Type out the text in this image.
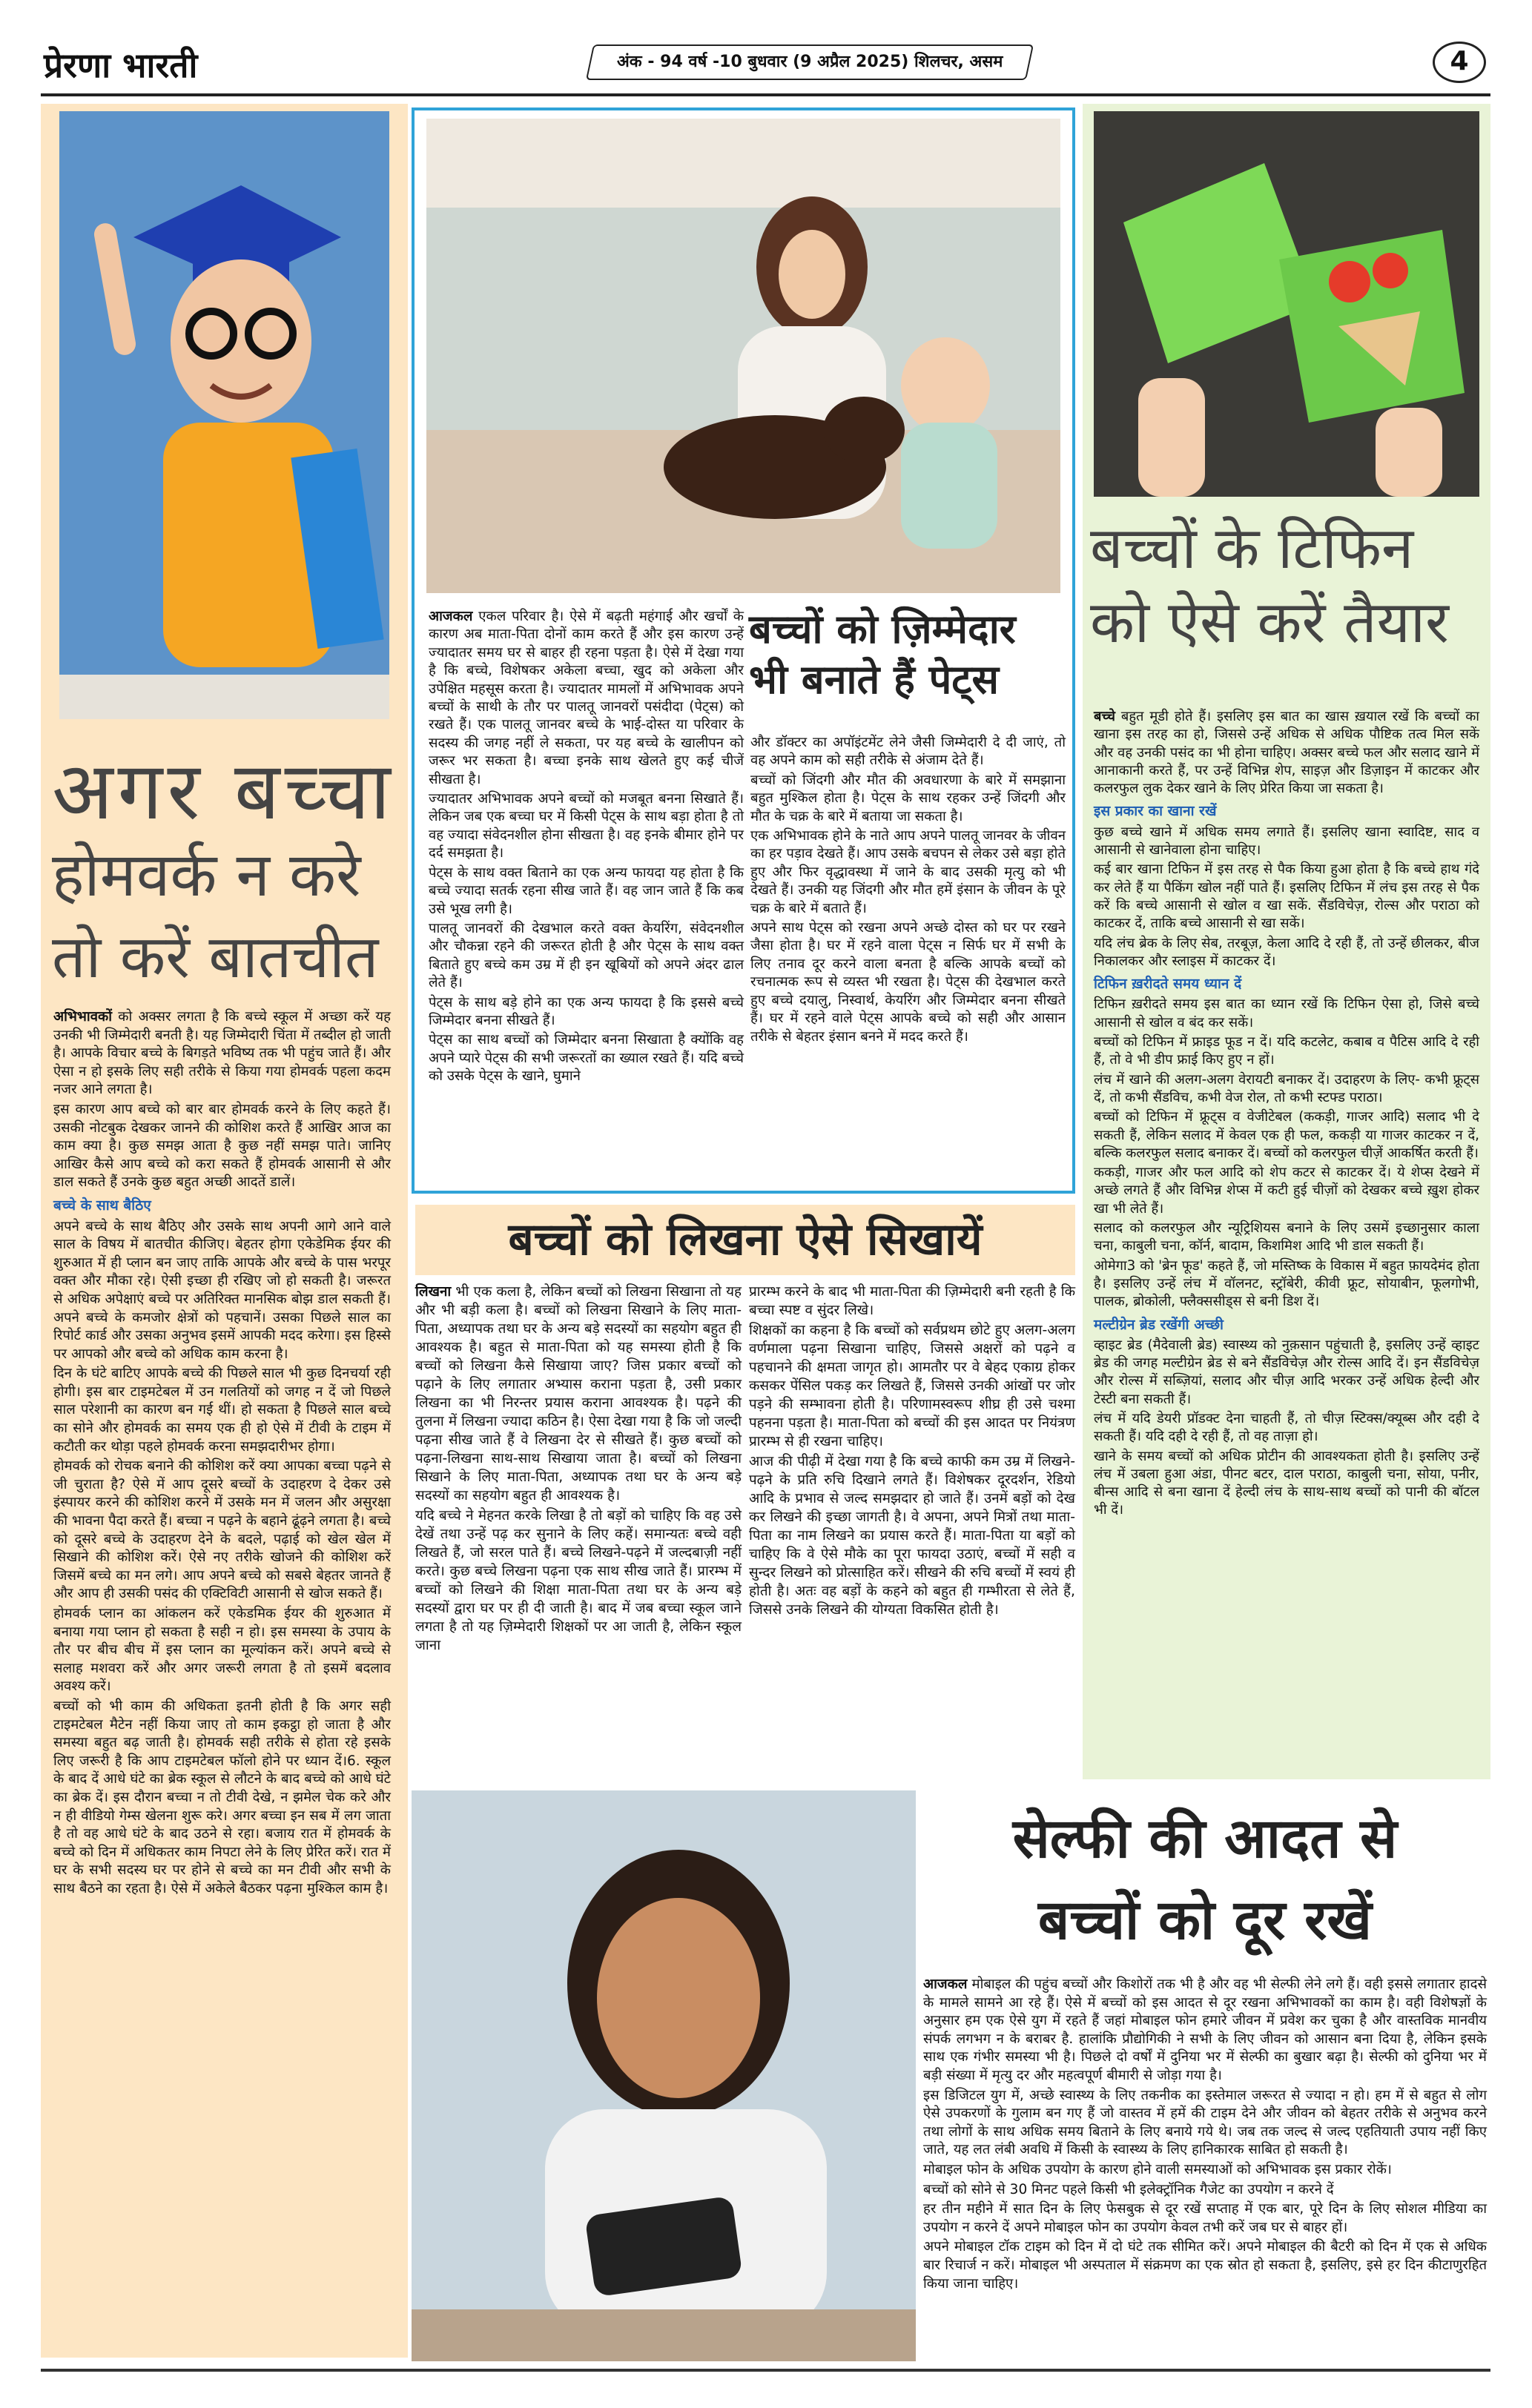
प्रेरणा भारती	अंक - 94 वर्ष -10 बुधवार (9 अप्रैल 2025) शिलचर, असम	4
अगर बच्चा
होमवर्क न करे
तो करें बातचीत

अभिभावकों को अक्सर लगता है कि बच्चे स्कूल में अच्छा करें यह उनकी भी जिम्मेदारी बनती है। यह जिम्मेदारी चिंता में तब्दील हो जाती है। आपके विचार बच्चे के बिगड़ते भविष्य तक भी पहुंच जाते हैं। और ऐसा न हो इसके लिए सही तरीके से किया गया होमवर्क पहला कदम नजर आने लगता है।

इस कारण आप बच्चे को बार बार होमवर्क करने के लिए कहते हैं। उसकी नोटबुक देखकर जानने की कोशिश करते हैं आखिर आज का काम क्या है। कुछ समझ आता है कुछ नहीं समझ पाते। जानिए आखिर कैसे आप बच्चे को करा सकते हैं होमवर्क आसानी से और डाल सकते हैं उनके कुछ बहुत अच्छी आदतें डालें।

बच्चे के साथ बैठिए

अपने बच्चे के साथ बैठिए और उसके साथ अपनी आगे आने वाले साल के विषय में बातचीत कीजिए। बेहतर होगा एकेडेमिक ईयर की शुरुआत में ही प्लान बन जाए ताकि आपके और बच्चे के पास भरपूर वक्त और मौका रहे। ऐसी इच्छा ही रखिए जो हो सकती है। जरूरत से अधिक अपेक्षाएं बच्चे पर अतिरिक्त मानसिक बोझ डाल सकती हैं। अपने बच्चे के कमजोर क्षेत्रों को पहचानें। उसका पिछले साल का रिपोर्ट कार्ड और उसका अनुभव इसमें आपकी मदद करेगा। इस हिस्से पर आपको और बच्चे को अधिक काम करना है।

दिन के घंटे बाटिए आपके बच्चे की पिछले साल भी कुछ दिनचर्या रही होगी। इस बार टाइमटेबल में उन गलतियों को जगह न दें जो पिछले साल परेशानी का कारण बन गई थीं। हो सकता है पिछले साल बच्चे का सोने और होमवर्क का समय एक ही हो ऐसे में टीवी के टाइम में कटौती कर थोड़ा पहले होमवर्क करना समझदारीभर होगा।

होमवर्क को रोचक बनाने की कोशिश करें क्या आपका बच्चा पढ़ने से जी चुराता है? ऐसे में आप दूसरे बच्चों के उदाहरण दे देकर उसे इंस्पायर करने की कोशिश करने में उसके मन में जलन और असुरक्षा की भावना पैदा करते हैं। बच्चा न पढ़ने के बहाने ढूंढ़ने लगता है। बच्चे को दूसरे बच्चे के उदाहरण देने के बदले, पढ़ाई को खेल खेल में सिखाने की कोशिश करें। ऐसे नए तरीके खोजने की कोशिश करें जिसमें बच्चे का मन लगे। आप अपने बच्चे को सबसे बेहतर जानते हैं और आप ही उसकी पसंद की एक्टिविटी आसानी से खोज सकते हैं।

होमवर्क प्लान का आंकलन करें एकेडमिक ईयर की शुरुआत में बनाया गया प्लान हो सकता है सही न हो। इस समस्या के उपाय के तौर पर बीच बीच में इस प्लान का मूल्यांकन करें। अपने बच्चे से सलाह मशवरा करें और अगर जरूरी लगता है तो इसमें बदलाव अवश्य करें।

बच्चों को भी काम की अधिकता इतनी होती है कि अगर सही टाइमटेबल मैटेन नहीं किया जाए तो काम इकट्ठा हो जाता है और समस्या बहुत बढ़ जाती है। होमवर्क सही तरीके से होता रहे इसके लिए जरूरी है कि आप टाइमटेबल फॉलो होने पर ध्यान दें।6. स्कूल के बाद दें आधे घंटे का ब्रेक स्कूल से लौटने के बाद बच्चे को आधे घंटे का ब्रेक दें। इस दौरान बच्चा न तो टीवी देखे, न झमेल चेक करे और न ही वीडियो गेम्स खेलना शुरू करे। अगर बच्चा इन सब में लग जाता है तो वह आधे घंटे के बाद उठने से रहा। बजाय रात में होमवर्क के बच्चे को दिन में अधिकतर काम निपटा लेने के लिए प्रेरित करें। रात में घर के सभी सदस्य घर पर होने से बच्चे का मन टीवी और सभी के साथ बैठने का रहता है। ऐसे में अकेले बैठकर पढ़ना मुश्किल काम है।

आजकल एकल परिवार है। ऐसे में बढ़ती महंगाई और खर्चों के कारण अब माता-पिता दोनों काम करते हैं और इस कारण उन्हें ज्यादातर समय घर से बाहर ही रहना पड़ता है। ऐसे में देखा गया है कि बच्चे, विशेषकर अकेला बच्चा, खुद को अकेला और उपेक्षित महसूस करता है। ज्यादातर मामलों में अभिभावक अपने बच्चों के साथी के तौर पर पालतू जानवरों पसंदीदा (पेट्स) को रखते हैं। एक पालतू जानवर बच्चे के भाई-दोस्त या परिवार के सदस्य की जगह नहीं ले सकता, पर यह बच्चे के खालीपन को जरूर भर सकता है। बच्चा इनके साथ खेलते हुए कई चीजें सीखता है।

ज्यादातर अभिभावक अपने बच्चों को मजबूत बनना सिखाते हैं। लेकिन जब एक बच्चा घर में किसी पेट्स के साथ बड़ा होता है तो वह ज्यादा संवेदनशील होना सीखता है। वह इनके बीमार होने पर दर्द समझता है।

पेट्स के साथ वक्त बिताने का एक अन्य फायदा यह होता है कि बच्चे ज्यादा सतर्क रहना सीख जाते हैं। वह जान जाते हैं कि कब उसे भूख लगी है।

पालतू जानवरों की देखभाल करते वक्त केयरिंग, संवेदनशील और चौकन्ना रहने की जरूरत होती है और पेट्स के साथ वक्त बिताते हुए बच्चे कम उम्र में ही इन खूबियों को अपने अंदर ढाल लेते हैं।

पेट्स के साथ बड़े होने का एक अन्य फायदा है कि इससे बच्चे जिम्मेदार बनना सीखते हैं।

पेट्स का साथ बच्चों को जिम्मेदार बनना सिखाता है क्योंकि वह अपने प्यारे पेट्स की सभी जरूरतों का ख्याल रखते हैं। यदि बच्चे को उसके पेट्स के खाने, घुमाने

बच्चों को ज़िम्मेदार
भी बनाते हैं पेट्स

और डॉक्टर का अपॉइंटमेंट लेने जैसी जिम्मेदारी दे दी जाएं, तो वह अपने काम को सही तरीके से अंजाम देते हैं।

बच्चों को जिंदगी और मौत की अवधारणा के बारे में समझाना बहुत मुश्किल होता है। पेट्स के साथ रहकर उन्हें जिंदगी और मौत के चक्र के बारे में बताया जा सकता है।

एक अभिभावक होने के नाते आप अपने पालतू जानवर के जीवन का हर पड़ाव देखते हैं। आप उसके बचपन से लेकर उसे बड़ा होते हुए और फिर वृद्धावस्था में जाने के बाद उसकी मृत्यु को भी देखते हैं। उनकी यह जिंदगी और मौत हमें इंसान के जीवन के पूरे चक्र के बारे में बताते हैं।

अपने साथ पेट्स को रखना अपने अच्छे दोस्त को घर पर रखने जैसा होता है। घर में रहने वाला पेट्स न सिर्फ घर में सभी के लिए तनाव दूर करने वाला बनता है बल्कि आपके बच्चों को रचनात्मक रूप से व्यस्त भी रखता है। पेट्स की देखभाल करते हुए बच्चे दयालु, निस्वार्थ, केयरिंग और जिम्मेदार बनना सीखते हैं। घर में रहने वाले पेट्स आपके बच्चे को सही और आसान तरीके से बेहतर इंसान बनने में मदद करते हैं।

बच्चों को लिखना ऐसे सिखायें

लिखना भी एक कला है, लेकिन बच्चों को लिखना सिखाना तो यह और भी बड़ी कला है। बच्चों को लिखना सिखाने के लिए माता-पिता, अध्यापक तथा घर के अन्य बड़े सदस्यों का सहयोग बहुत ही आवश्यक है। बहुत से माता-पिता को यह समस्या होती है कि बच्चों को लिखना कैसे सिखाया जाए? जिस प्रकार बच्चों को पढ़ाने के लिए लगातार अभ्यास कराना पड़ता है, उसी प्रकार लिखना का भी निरन्तर प्रयास कराना आवश्यक है। पढ़ने की तुलना में लिखना ज्यादा कठिन है। ऐसा देखा गया है कि जो जल्दी पढ़ना सीख जाते हैं वे लिखना देर से सीखते हैं। कुछ बच्चों को पढ़ना-लिखना साथ-साथ सिखाया जाता है। बच्चों को लिखना सिखाने के लिए माता-पिता, अध्यापक तथा घर के अन्य बड़े सदस्यों का सहयोग बहुत ही आवश्यक है।

यदि बच्चे ने मेहनत करके लिखा है तो बड़ों को चाहिए कि वह उसे देखें तथा उन्हें पढ़ कर सुनाने के लिए कहें। समान्यतः बच्चे वही लिखते हैं, जो सरल पाते हैं। बच्चे लिखने-पढ़ने में जल्दबाज़ी नहीं करते। कुछ बच्चे लिखना पढ़ना एक साथ सीख जाते हैं। प्रारम्भ में बच्चों को लिखने की शिक्षा माता-पिता तथा घर के अन्य बड़े सदस्यों द्वारा घर पर ही दी जाती है। बाद में जब बच्चा स्कूल जाने लगता है तो यह ज़िम्मेदारी शिक्षकों पर आ जाती है, लेकिन स्कूल जाना

प्रारम्भ करने के बाद भी माता-पिता की ज़िम्मेदारी बनी रहती है कि बच्चा स्पष्ट व सुंदर लिखे।

शिक्षकों का कहना है कि बच्चों को सर्वप्रथम छोटे हुए अलग-अलग वर्णमाला पढ़ना सिखाना चाहिए, जिससे अक्षरों को पढ़ने व पहचानने की क्षमता जागृत हो। आमतौर पर वे बेहद एकाग्र होकर कसकर पेंसिल पकड़ कर लिखते हैं, जिससे उनकी आंखों पर जोर पड़ने की सम्भावना होती है। परिणामस्वरूप शीघ्र ही उसे चश्मा पहनना पड़ता है। माता-पिता को बच्चों की इस आदत पर नियंत्रण प्रारम्भ से ही रखना चाहिए।

आज की पीढ़ी में देखा गया है कि बच्चे काफी कम उम्र में लिखने-पढ़ने के प्रति रुचि दिखाने लगते हैं। विशेषकर दूरदर्शन, रेडियो आदि के प्रभाव से जल्द समझदार हो जाते हैं। उनमें बड़ों को देख कर लिखने की इच्छा जागती है। वे अपना, अपने मित्रों तथा माता-पिता का नाम लिखने का प्रयास करते हैं। माता-पिता या बड़ों को चाहिए कि वे ऐसे मौके का पूरा फायदा उठाएं, बच्चों में सही व सुन्दर लिखने को प्रोत्साहित करें। सीखने की रुचि बच्चों में स्वयं ही होती है। अतः वह बड़ों के कहने को बहुत ही गम्भीरता से लेते हैं, जिससे उनके लिखने की योग्यता विकसित होती है।

बच्चों के टिफिन
को ऐसे करें तैयार

बच्चे बहुत मूडी होते हैं। इसलिए इस बात का खास ख़याल रखें कि बच्चों का खाना इस तरह का हो, जिससे उन्हें अधिक से अधिक पौष्टिक तत्व मिल सकें और वह उनकी पसंद का भी होना चाहिए। अक्सर बच्चे फल और सलाद खाने में आनाकानी करते हैं, पर उन्हें विभिन्न शेप, साइज़ और डिज़ाइन में काटकर और कलरफुल लुक देकर खाने के लिए प्रेरित किया जा सकता है।

इस प्रकार का खाना रखें

कुछ बच्चे खाने में अधिक समय लगाते हैं। इसलिए खाना स्वादिष्ट, साद व आसानी से खानेवाला होना चाहिए।

कई बार खाना टिफिन में इस तरह से पैक किया हुआ होता है कि बच्चे हाथ गंदे कर लेते हैं या पैकिंग खोल नहीं पाते हैं। इसलिए टिफिन में लंच इस तरह से पैक करें कि बच्चे आसानी से खोल व खा सकें. सैंडविचेज़, रोल्स और पराठा को काटकर दें, ताकि बच्चे आसानी से खा सकें।

यदि लंच ब्रेक के लिए सेब, तरबूज़, केला आदि दे रही हैं, तो उन्हें छीलकर, बीज निकालकर और स्लाइस में काटकर दें।

टिफिन ख़रीदते समय ध्यान दें

टिफिन ख़रीदते समय इस बात का ध्यान रखें कि टिफिन ऐसा हो, जिसे बच्चे आसानी से खोल व बंद कर सकें।

बच्चों को टिफिन में फ्राइड फूड न दें। यदि कटलेट, कबाब व पैटिस आदि दे रही हैं, तो वे भी डीप फ्राई किए हुए न हों।

लंच में खाने की अलग-अलग वेरायटी बनाकर दें। उदाहरण के लिए- कभी फ्रूट्स दें, तो कभी सैंडविच, कभी वेज रोल, तो कभी स्टफ्ड पराठा।

बच्चों को टिफिन में फ्रूट्स व वेजीटेबल (ककड़ी, गाजर आदि) सलाद भी दे सकती हैं, लेकिन सलाद में केवल एक ही फल, ककड़ी या गाजर काटकर न दें, बल्कि कलरफुल सलाद बनाकर दें। बच्चों को कलरफुल चीज़ें आकर्षित करती हैं।

ककड़ी, गाजर और फल आदि को शेप कटर से काटकर दें। ये शेप्स देखने में अच्छे लगते हैं और विभिन्न शेप्स में कटी हुई चीज़ों को देखकर बच्चे ख़ुश होकर खा भी लेते हैं।

सलाद को कलरफुल और न्यूट्रिशियस बनाने के लिए उसमें इच्छानुसार काला चना, काबुली चना, कॉर्न, बादाम, किशमिश आदि भी डाल सकती हैं।

ओमेगा3 को 'ब्रेन फूड' कहते हैं, जो मस्तिष्क के विकास में बहुत फ़ायदेमंद होता है। इसलिए उन्हें लंच में वॉलनट, स्ट्रॉबेरी, कीवी फ्रूट, सोयाबीन, फूलगोभी, पालक, ब्रोकोली, फ्लैक्ससीड्स से बनी डिश दें।

मल्टीग्रेन ब्रेड रखेंगी अच्छी

व्हाइट ब्रेड (मैदेवाली ब्रेड) स्वास्थ्य को नुक़सान पहुंचाती है, इसलिए उन्हें व्हाइट ब्रेड की जगह मल्टीग्रेन ब्रेड से बने सैंडविचेज़ और रोल्स आदि दें। इन सैंडविचेज़ और रोल्स में सब्ज़ियां, सलाद और चीज़ आदि भरकर उन्हें अधिक हेल्दी और टेस्टी बना सकती हैं।

लंच में यदि डेयरी प्रॉडक्ट देना चाहती हैं, तो चीज़ स्टिक्स/क्यूब्स और दही दे सकती हैं। यदि दही दे रही हैं, तो वह ताज़ा हो।

खाने के समय बच्चों को अधिक प्रोटीन की आवश्यकता होती है। इसलिए उन्हें लंच में उबला हुआ अंडा, पीनट बटर, दाल पराठा, काबुली चना, सोया, पनीर, बीन्स आदि से बना खाना दें हेल्दी लंच के साथ-साथ बच्चों को पानी की बॉटल भी दें।

सेल्फी की आदत से
बच्चों को दूर रखें

आजकल मोबाइल की पहुंच बच्चों और किशोरों तक भी है और वह भी सेल्फी लेने लगे हैं। वही इससे लगातार हादसे के मामले सामने आ रहे हैं। ऐसे में बच्चों को इस आदत से दूर रखना अभिभावकों का काम है। वही विशेषज्ञों के अनुसार हम एक ऐसे युग में रहते हैं जहां मोबाइल फोन हमारे जीवन में प्रवेश कर चुका है और वास्तविक मानवीय संपर्क लगभग न के बराबर है. हालांकि प्रौद्योगिकी ने सभी के लिए जीवन को आसान बना दिया है, लेकिन इसके साथ एक गंभीर समस्या भी है। पिछले दो वर्षों में दुनिया भर में सेल्फी का बुखार बढ़ा है। सेल्फी को दुनिया भर में बड़ी संख्या में मृत्यु दर और महत्वपूर्ण बीमारी से जोड़ा गया है।

इस डिजिटल युग में, अच्छे स्वास्थ्य के लिए तकनीक का इस्तेमाल जरूरत से ज्यादा न हो। हम में से बहुत से लोग ऐसे उपकरणों के गुलाम बन गए हैं जो वास्तव में हमें की टाइम देने और जीवन को बेहतर तरीके से अनुभव करने तथा लोगों के साथ अधिक समय बिताने के लिए बनाये गये थे। जब तक जल्द से जल्द एहतियाती उपाय नहीं किए जाते, यह लत लंबी अवधि में किसी के स्वास्थ्य के लिए हानिकारक साबित हो सकती है।

मोबाइल फोन के अधिक उपयोग के कारण होने वाली समस्याओं को अभिभावक इस प्रकार रोकें।

बच्चों को सोने से 30 मिनट पहले किसी भी इलेक्ट्रॉनिक गैजेट का उपयोग न करने दें

हर तीन महीने में सात दिन के लिए फेसबुक से दूर रखें सप्ताह में एक बार, पूरे दिन के लिए सोशल मीडिया का उपयोग न करने दें अपने मोबाइल फोन का उपयोग केवल तभी करें जब घर से बाहर हों।

अपने मोबाइल टॉक टाइम को दिन में दो घंटे तक सीमित करें। अपने मोबाइल की बैटरी को दिन में एक से अधिक बार रिचार्ज न करें। मोबाइल भी अस्पताल में संक्रमण का एक स्रोत हो सकता है, इसलिए, इसे हर दिन कीटाणुरहित किया जाना चाहिए।
